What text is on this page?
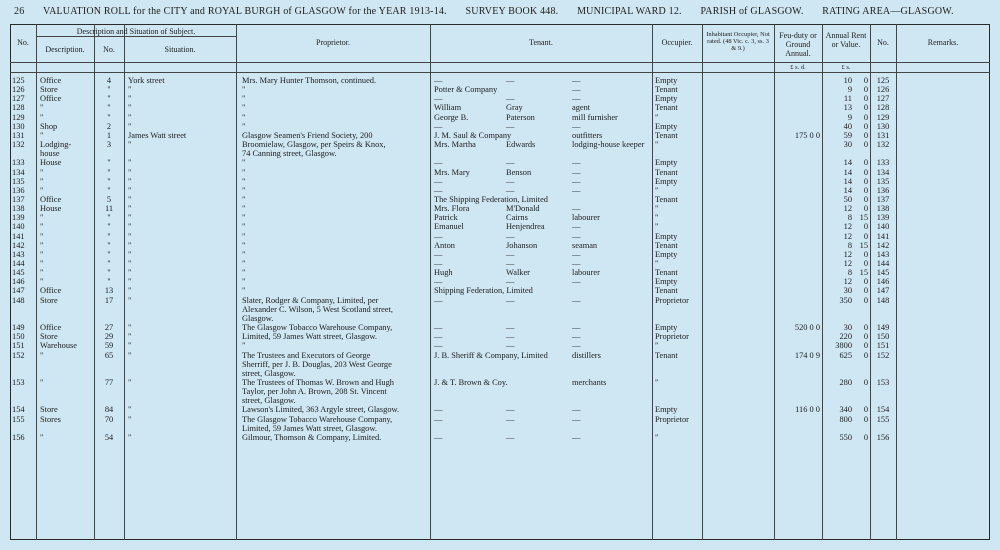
26 VALUATION ROLL for the CITY and ROYAL BURGH of GLASGOW for the YEAR 1913-14. SURVEY BOOK 448. MUNICIPAL WARD 12. PARISH of GLASGOW. RATING AREA—GLASGOW.
No.
Description and Situation of Subject.
Description.	No.	Situation.
Proprietor.	Tenant.	Occupier.
Inhabitant Occupier, Not rated. (48 Vic. c. 3, ss. 3 & 9.)
Feu-duty or Ground Annual.
Annual Rent or Value.	No.	Remarks.
£ s. d.	£ s.
125	Office	4	York street	Mrs. Mary Hunter Thomson, continued.	—	—	—	Empty	10	0	125
126	Store	"	"	"	Potter & Company	—	Tenant	9	0	126
127	Office	"	"	"	—	—	—	Empty	11	0	127
128	"	"	"	"	William	Gray	agent	Tenant	13	0	128
129	"	"	"	"	George B.	Paterson	mill furnisher	"	9	0	129
130	Shop	2	"	"	—	—	—	Empty	40	0	130
131	"	1	James Watt street	Glasgow Seamen's Friend Society, 200	J. M. Saul & Company	outfitters	Tenant	175 0 0	59	0	131
132	Lodging-	3	"	Broomielaw, Glasgow, per Speirs & Knox,	Mrs. Martha	Edwards	lodging-house keeper	"	30	0	132
house	74 Canning street, Glasgow.
133	House	"	"	"	—	—	—	Empty	14	0	133
134	"	"	"	"	Mrs. Mary	Benson	—	Tenant	14	0	134
135	"	"	"	"	—	—	—	Empty	14	0	135
136	"	"	"	"	—	—	—	"	14	0	136
137	Office	5	"	"	The Shipping Federation, Limited	Tenant	50	0	137
138	House	11	"	"	Mrs. Flora	M'Donald	—	"	12	0	138
139	"	"	"	"	Patrick	Cairns	labourer	"	8 15	139
140	"	"	"	"	Emanuel	Henjendrea	—	"	12	0	140
141	"	"	"	"	—	—	—	Empty	12	0	141
142	"	"	"	"	Anton	Johanson	seaman	Tenant	8 15	142
143	"	"	"	"	—	—	—	Empty	12	0	143
144	"	"	"	"	—	—	—	"	12	0	144
145	"	"	"	"	Hugh	Walker	labourer	Tenant	8 15	145
146	"	"	"	"	—	—	—	Empty	12	0	146
147	Office	13	"	"	Shipping Federation, Limited	Tenant	30	0	147
148	Store	17	"	Slater, Rodger & Company, Limited, per	—	—	—	Proprietor	350	0	148
Alexander C. Wilson, 5 West Scotland street,
Glasgow.
149	Office	27	"	The Glasgow Tobacco Warehouse Company,	—	—	—	Empty	520 0 0	30	0	149
150	Store	29	"	Limited, 59 James Watt street, Glasgow.	—	—	—	Proprietor	220	0	150
151	Warehouse	59	"	"	—	—	—	"	3800	0	151
152	"	65	"	The Trustees and Executors of George	J. B. Sheriff & Company, Limited	distillers	Tenant	174 0 9	625	0	152
Sherriff, per J. B. Douglas, 203 West George
street, Glasgow.
153	"	77	"	The Trustees of Thomas W. Brown and Hugh	J. & T. Brown & Coy.	merchants	"	280	0	153
Taylor, per John A. Brown, 208 St. Vincent
street, Glasgow.
154	Store	84	"	Lawson's Limited, 363 Argyle street, Glasgow.	—	—	—	Empty	116 0 0	340	0	154
155	Stores	70	"	The Glasgow Tobacco Warehouse Company,	—	—	—	Proprietor	800	0	155
Limited, 59 James Watt street, Glasgow.
156	"	54	"	Gilmour, Thomson & Company, Limited.	—	—	—	"	550	0	156
